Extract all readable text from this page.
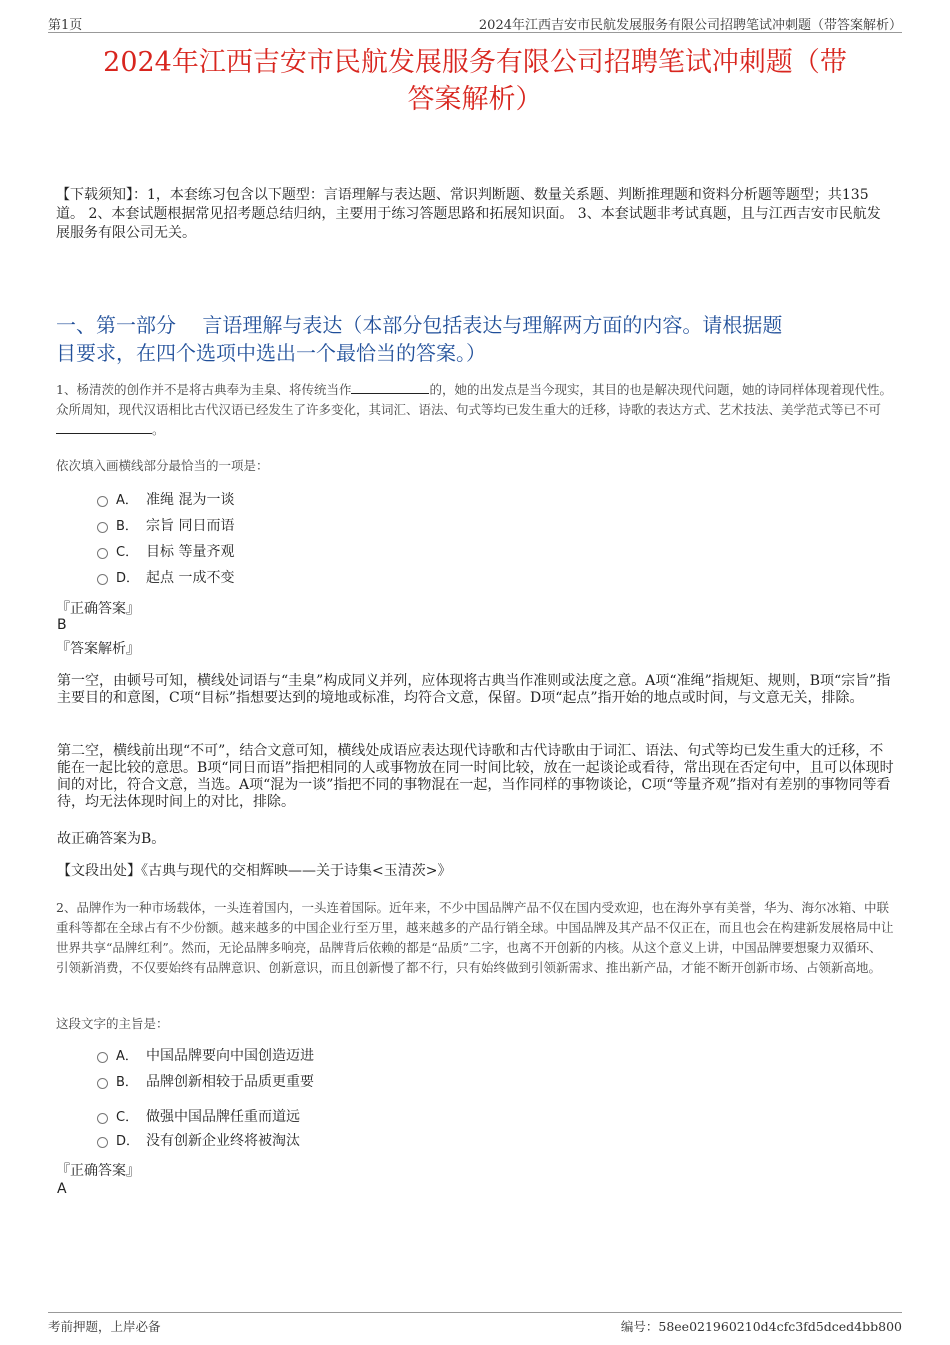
第1页	2024年江西吉安市民航发展服务有限公司招聘笔试冲刺题（带答案解析）
2024年江西吉安市民航发展服务有限公司招聘笔试冲刺题（带
答案解析）
【下载须知】：1，本套练习包含以下题型：言语理解与表达题、常识判断题、数量关系题、判断推理题和资料分析题等题型；共135道。 2、本套试题根据常见招考题总结归纳，主要用于练习答题思路和拓展知识面。 3、本套试题非考试真题，且与江西吉安市民航发展服务有限公司无关。
一、第一部分　 言语理解与表达（本部分包括表达与理解两方面的内容。请根据题
目要求，在四个选项中选出一个最恰当的答案。）
1、杨清茨的创作并不是将古典奉为圭臬、将传统当作	的，她的出发点是当今现实，其目的也是解决现代问题，她的诗同样体现着现代性。众所周知，现代汉语相比古代汉语已经发生了许多变化，其词汇、语法、句式等均已发生重大的迁移，诗歌的表达方式、艺术技法、美学范式等已不可。
依次填入画横线部分最恰当的一项是：
A． 准绳 混为一谈
B． 宗旨 同日而语
C． 目标 等量齐观
D． 起点 一成不变
『正确答案』
B
『答案解析』
第一空，由顿号可知，横线处词语与“圭臬”构成同义并列，应体现将古典当作准则或法度之意。A项“准绳”指规矩、规则，B项“宗旨”指主要目的和意图，C项“目标”指想要达到的境地或标准，均符合文意，保留。D项“起点”指开始的地点或时间，与文意无关，排除。
第二空，横线前出现“不可”，结合文意可知，横线处成语应表达现代诗歌和古代诗歌由于词汇、语法、句式等均已发生重大的迁移，不能在一起比较的意思。B项“同日而语”指把相同的人或事物放在同一时间比较，放在一起谈论或看待，常出现在否定句中，且可以体现时间的对比，符合文意，当选。A项“混为一谈”指把不同的事物混在一起，当作同样的事物谈论，C项“等量齐观”指对有差别的事物同等看待，均无法体现时间上的对比，排除。
故正确答案为B。
【文段出处】《古典与现代的交相辉映——关于诗集<玉清茨>》
2、品牌作为一种市场载体，一头连着国内，一头连着国际。近年来，不少中国品牌产品不仅在国内受欢迎，也在海外享有美誉，华为、海尔冰箱、中联重科等都在全球占有不少份额。越来越多的中国企业行至万里，越来越多的产品行销全球。中国品牌及其产品不仅正在，而且也会在构建新发展格局中让世界共享“品牌红利”。然而，无论品牌多响亮，品牌背后依赖的都是“品质”二字，也离不开创新的内核。从这个意义上讲，中国品牌要想聚力双循环、引领新消费，不仅要始终有品牌意识、创新意识，而且创新慢了都不行，只有始终做到引领新需求、推出新产品，才能不断开创新市场、占领新高地。
这段文字的主旨是：
A． 中国品牌要向中国创造迈进
B． 品牌创新相较于品质更重要
C． 做强中国品牌任重而道远
D． 没有创新企业终将被淘汰
『正确答案』
A
考前押题，上岸必备	编号：58ee021960210d4cfc3fd5dced4bb800
